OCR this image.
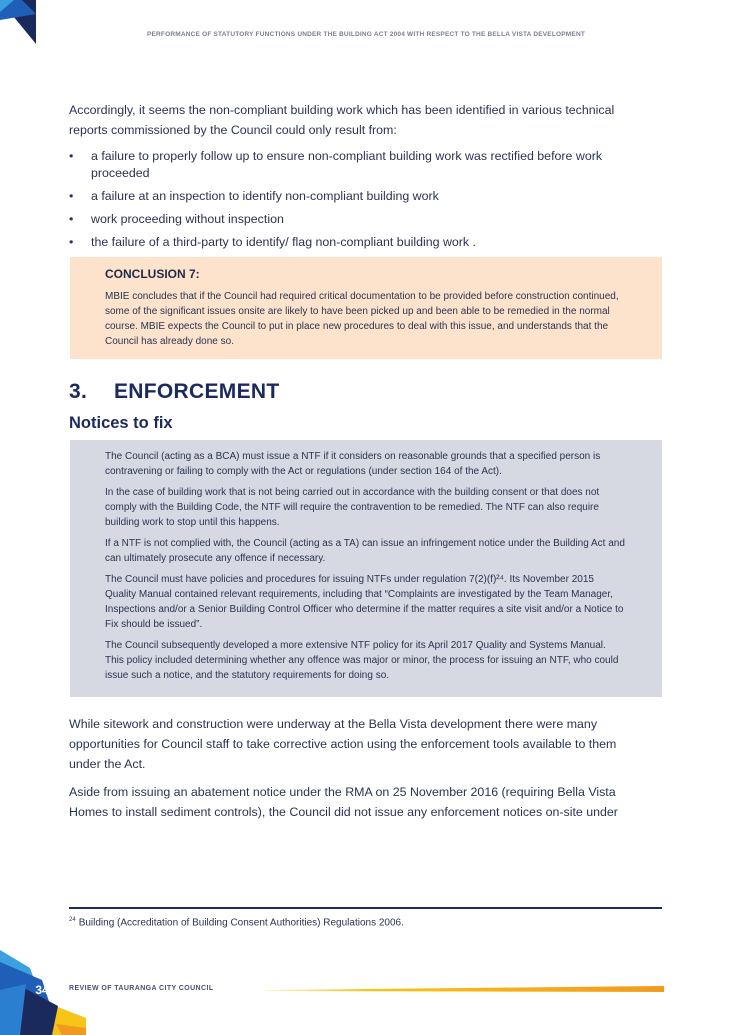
PERFORMANCE OF STATUTORY FUNCTIONS UNDER THE BUILDING ACT 2004 WITH RESPECT TO THE BELLA VISTA DEVELOPMENT

Accordingly, it seems the non-compliant building work which has been identified in various technical reports commissioned by the Council could only result from:

• a failure to properly follow up to ensure non-compliant building work was rectified before work proceeded
• a failure at an inspection to identify non-compliant building work
• work proceeding without inspection
• the failure of a third-party to identify/ flag non-compliant building work .
CONCLUSION 7:

MBIE concludes that if the Council had required critical documentation to be provided before construction continued, some of the significant issues onsite are likely to have been picked up and been able to be remedied in the normal course. MBIE expects the Council to put in place new procedures to deal with this issue, and understands that the Council has already done so.

3. ENFORCEMENT
Notices to fix

The Council (acting as a BCA) must issue a NTF if it considers on reasonable grounds that a specified person is contravening or failing to comply with the Act or regulations (under section 164 of the Act).

In the case of building work that is not being carried out in accordance with the building consent or that does not comply with the Building Code, the NTF will require the contravention to be remedied. The NTF can also require building work to stop until this happens.

If a NTF is not complied with, the Council (acting as a TA) can issue an infringement notice under the Building Act and can ultimately prosecute any offence if necessary.

The Council must have policies and procedures for issuing NTFs under regulation 7(2)(f)²⁴. Its November 2015 Quality Manual contained relevant requirements, including that “Complaints are investigated by the Team Manager, Inspections and/or a Senior Building Control Officer who determine if the matter requires a site visit and/or a Notice to Fix should be issued”.

The Council subsequently developed a more extensive NTF policy for its April 2017 Quality and Systems Manual. This policy included determining whether any offence was major or minor, the process for issuing an NTF, who could issue such a notice, and the statutory requirements for doing so.

While sitework and construction were underway at the Bella Vista development there were many opportunities for Council staff to take corrective action using the enforcement tools available to them under the Act.

Aside from issuing an abatement notice under the RMA on 25 November 2016 (requiring Bella Vista Homes to install sediment controls), the Council did not issue any enforcement notices on-site under

$^{24}$ Building (Accreditation of Building Consent Authorities) Regulations 2006.
34	REVIEW OF TAURANGA CITY COUNCIL
